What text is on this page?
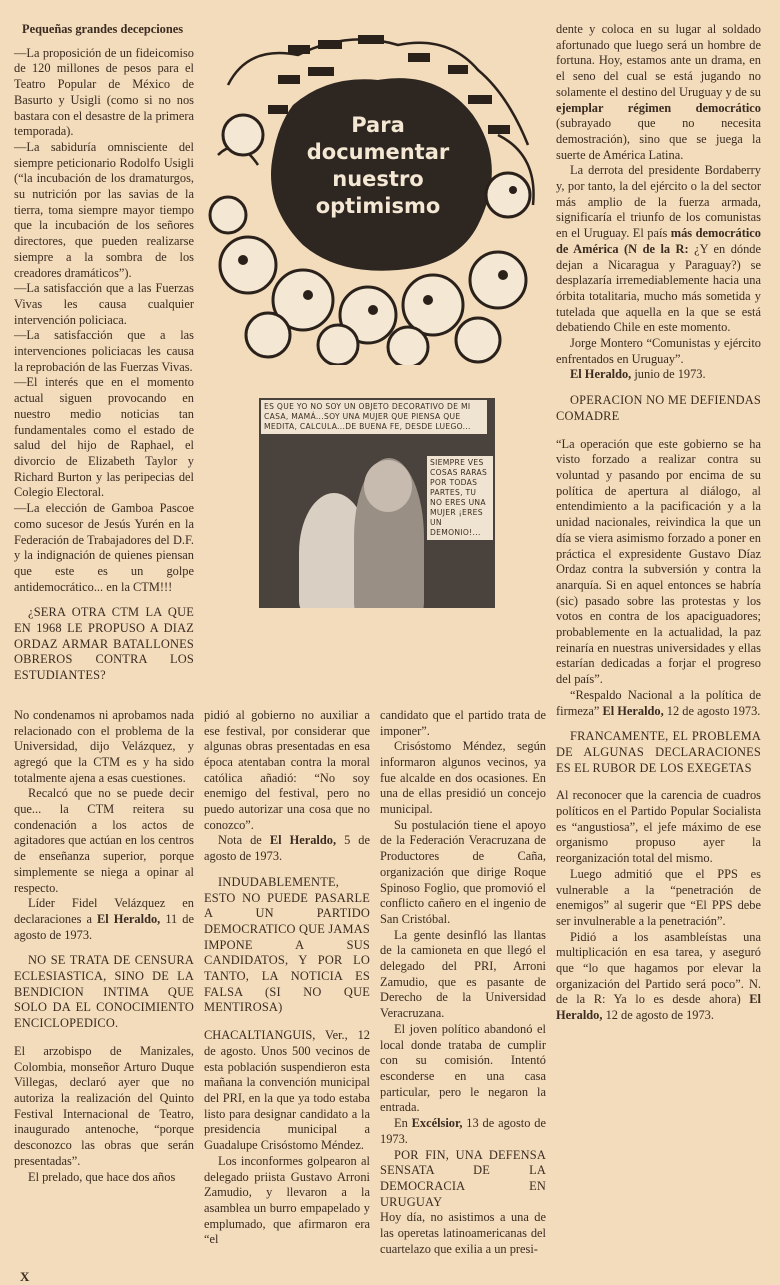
Pequeñas grandes decepciones

—La proposición de un fideicomiso de 120 millones de pesos para el Teatro Popular de México de Basurto y Usigli (como si no nos bastara con el desastre de la primera temporada).

—La sabiduría omnisciente del siempre peticionario Rodolfo Usigli (“la incubación de los dramaturgos, su nutrición por las savias de la tierra, toma siempre mayor tiempo que la incubación de los señores directores, que pueden realizarse siempre a la sombra de los creadores dramáticos”).

—La satisfacción que a las Fuerzas Vivas les causa cualquier intervención policiaca.

—La satisfacción que a las intervenciones policiacas les causa la reprobación de las Fuerzas Vivas.

—El interés que en el momento actual siguen provocando en nuestro medio noticias tan fundamentales como el estado de salud del hijo de Raphael, el divorcio de Elizabeth Taylor y Richard Burton y las peripecias del Colegio Electoral.

—La elección de Gamboa Pascoe como sucesor de Jesús Yurén en la Federación de Trabajadores del D.F. y la indignación de quienes piensan que este es un golpe antidemocrático... en la CTM!!!

¿SERA OTRA CTM LA QUE EN 1968 LE PROPUSO A DIAZ ORDAZ ARMAR BATALLONES OBREROS CONTRA LOS ESTUDIANTES?

Para
documentar
nuestro
optimismo
ES QUE YO NO SOY UN OBJETO DECORATIVO DE MI CASA, MAMÁ...SOY UNA MUJER QUE PIENSA QUE MEDITA, CALCULA...DE BUENA FE, DESDE LUEGO...
SIEMPRE VES COSAS RARAS POR TODAS PARTES, TU NO ERES UNA MUJER ¡ERES UN DEMONIO!...

dente y coloca en su lugar al soldado afortunado que luego será un hombre de fortuna. Hoy, estamos ante un drama, en el seno del cual se está jugando no solamente el destino del Uruguay y de su ejemplar régimen democrático (subrayado que no necesita demostración), sino que se juega la suerte de América Latina.

La derrota del presidente Bordaberry y, por tanto, la del ejército o la del sector más amplio de la fuerza armada, significaría el triunfo de los comunistas en el Uruguay. El país más democrático de América (N de la R: ¿Y en dónde dejan a Nicaragua y Paraguay?) se desplazaría irremediablemente hacia una órbita totalitaria, mucho más sometida y tutelada que aquella en la que se está debatiendo Chile en este momento.

Jorge Montero “Comunistas y ejército enfrentados en Uruguay”.

El Heraldo, junio de 1973.

OPERACION NO ME DEFIENDAS COMADRE

“La operación que este gobierno se ha visto forzado a realizar contra su voluntad y pasando por encima de su política de apertura al diálogo, al entendimiento a la pacificación y a la unidad nacionales, reivindica la que un día se viera asimismo forzado a poner en práctica el expresidente Gustavo Díaz Ordaz contra la subversión y contra la anarquía. Si en aquel entonces se habría (sic) pasado sobre las protestas y los votos en contra de los apaciguadores; probablemente en la actualidad, la paz reinaría en nuestras universidades y ellas estarían dedicadas a forjar el progreso del país”.

“Respaldo Nacional a la política de firmeza” El Heraldo, 12 de agosto 1973.

FRANCAMENTE, EL PROBLEMA DE ALGUNAS DECLARACIONES ES EL RUBOR DE LOS EXEGETAS

Al reconocer que la carencia de cuadros políticos en el Partido Popular Socialista es “angustiosa”, el jefe máximo de ese organismo propuso ayer la reorganización total del mismo.

Luego admitió que el PPS es vulnerable a la “penetración de enemigos” al sugerir que “El PPS debe ser invulnerable a la penetración”.

Pidió a los asambleístas una multiplicación en esa tarea, y aseguró que “lo que hagamos por elevar la organización del Partido será poco”. N. de la R: Ya lo es desde ahora) El Heraldo, 12 de agosto de 1973.

No condenamos ni aprobamos nada relacionado con el problema de la Universidad, dijo Velázquez, y agregó que la CTM es y ha sido totalmente ajena a esas cuestiones.

Recalcó que no se puede decir que... la CTM reitera su condenación a los actos de agitadores que actúan en los centros de enseñanza superior, porque simplemente se niega a opinar al respecto.

Líder Fidel Velázquez en declaraciones a El Heraldo, 11 de agosto de 1973.

NO SE TRATA DE CENSURA ECLESIASTICA, SINO DE LA BENDICION INTIMA QUE SOLO DA EL CONOCIMIENTO ENCICLOPEDICO.

El arzobispo de Manizales, Colombia, monseñor Arturo Duque Villegas, declaró ayer que no autoriza la realización del Quinto Festival Internacional de Teatro, inaugurado antenoche, “porque desconozco las obras que serán presentadas”.

El prelado, que hace dos años

pidió al gobierno no auxiliar a ese festival, por considerar que algunas obras presentadas en esa época atentaban contra la moral católica añadió: “No soy enemigo del festival, pero no puedo autorizar una cosa que no conozco”.

Nota de El Heraldo, 5 de agosto de 1973.

INDUDABLEMENTE, ESTO NO PUEDE PASARLE A UN PARTIDO DEMOCRATICO QUE JAMAS IMPONE A SUS CANDIDATOS, Y POR LO TANTO, LA NOTICIA ES FALSA (SI NO QUE MENTIROSA)

CHACALTIANGUIS, Ver., 12 de agosto. Unos 500 vecinos de esta población suspendieron esta mañana la convención municipal del PRI, en la que ya todo estaba listo para designar candidato a la presidencia municipal a Guadalupe Crisóstomo Méndez.

Los inconformes golpearon al delegado priista Gustavo Arroni Zamudio, y llevaron a la asamblea un burro empapelado y emplumado, que afirmaron era “el

candidato que el partido trata de imponer”.

Crisóstomo Méndez, según informaron algunos vecinos, ya fue alcalde en dos ocasiones. En una de ellas presidió un concejo municipal.

Su postulación tiene el apoyo de la Federación Veracruzana de Productores de Caña, organización que dirige Roque Spinoso Foglio, que promovió el conflicto cañero en el ingenio de San Cristóbal.

La gente desinfló las llantas de la camioneta en que llegó el delegado del PRI, Arroni Zamudio, que es pasante de Derecho de la Universidad Veracruzana.

El joven político abandonó el local donde trataba de cumplir con su comisión. Intentó esconderse en una casa particular, pero le negaron la entrada.

En Excélsior, 13 de agosto de 1973.

POR FIN, UNA DEFENSA SENSATA DE LA DEMOCRACIA EN URUGUAY

Hoy día, no asistimos a una de las operetas latinoamericanas del cuartelazo que exilia a un presi-

X
